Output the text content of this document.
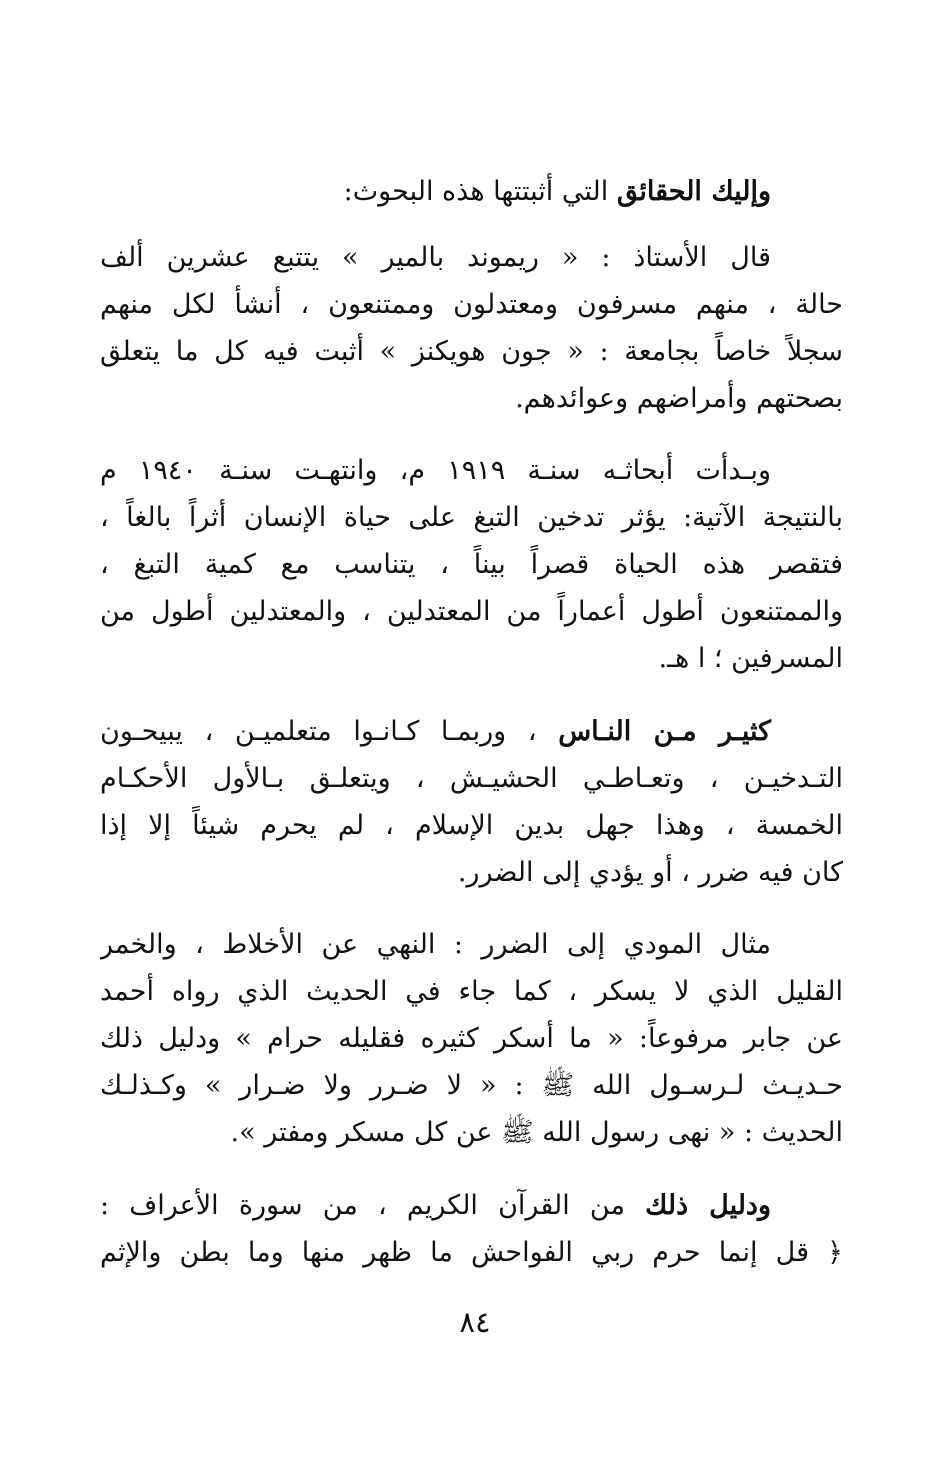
وإليك الحقائق التي أثبتتها هذه البحوث:
قال الأستاذ : « ريموند بالمير » يتتبع عشرين ألف
حالة ، منهم مسرفون ومعتدلون وممتنعون ، أنشأ لكل منهم
سجلاً خاصاً بجامعة : « جون هويكنز » أثبت فيه كل ما يتعلق
بصحتهم وأمراضهم وعوائدهم.
وبـدأت أبحاثـه سنـة ١٩١٩ م، وانتهـت سنـة ١٩٤٠ م
بالنتيجة الآتية: يؤثر تدخين التبغ على حياة الإنسان أثراً بالغاً ،
فتقصر هذه الحياة قصراً بيناً ، يتناسب مع كمية التبغ ،
والممتنعون أطول أعماراً من المعتدلين ، والمعتدلين أطول من
المسرفين ؛ ا هـ.
كثيـر مـن النـاس ، وربمـا كـانـوا متعلميـن ، يبيحـون
التـدخيـن ، وتعـاطـي الحشيـش ، ويتعلـق بـالأول الأحكـام
الخمسة ، وهذا جهل بدين الإسلام ، لم يحرم شيئاً إلا إذا
كان فيه ضرر ، أو يؤدي إلى الضرر.
مثال المودي إلى الضرر : النهي عن الأخلاط ، والخمر
القليل الذي لا يسكر ، كما جاء في الحديث الذي رواه أحمد
عن جابر مرفوعاً: « ما أسكر كثيره فقليله حرام » ودليل ذلك
حـديـث لـرسـول الله ﷺ : « لا ضـرر ولا ضـرار » وكـذلـك
الحديث : « نهى رسول الله ﷺ عن كل مسكر ومفتر ».
ودليل ذلك من القرآن الكريم ، من سورة الأعراف :
﴿ قل إنما حرم ربي الفواحش ما ظهر منها وما بطن والإثم
٨٤
